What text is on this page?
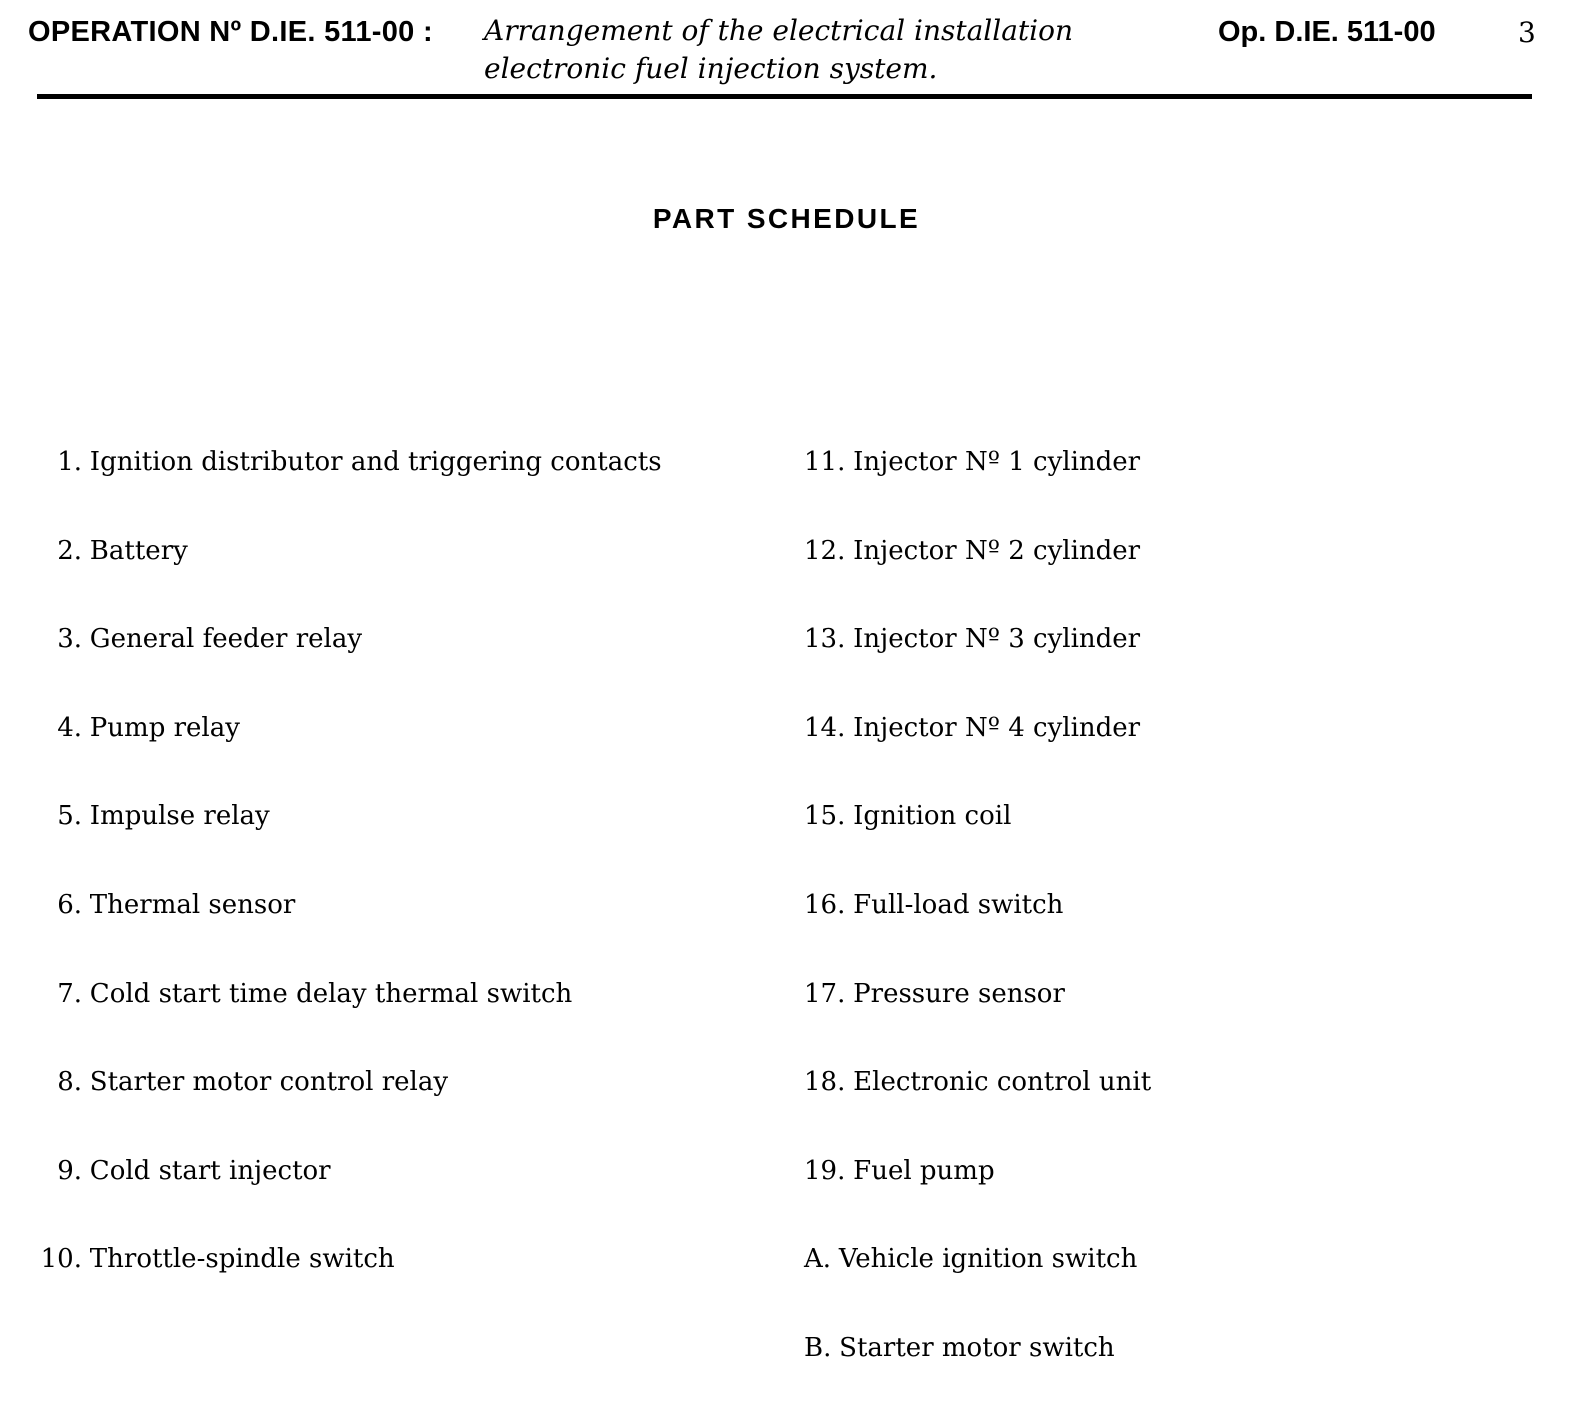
OPERATION Nº D.IE. 511-00 : Arrangement of the electrical installation
electronic fuel injection system.
Op. D.IE. 511-00	3
PART SCHEDULE
1. Ignition distributor and triggering contacts
2. Battery
3. General feeder relay
4. Pump relay
5. Impulse relay
6. Thermal sensor
7. Cold start time delay thermal switch
8. Starter motor control relay
9. Cold start injector
10. Throttle-spindle switch
11. Injector Nº 1 cylinder
12. Injector Nº 2 cylinder
13. Injector Nº 3 cylinder
14. Injector Nº 4 cylinder
15. Ignition coil
16. Full-load switch
17. Pressure sensor
18. Electronic control unit
19. Fuel pump
A. Vehicle ignition switch
B. Starter motor switch
